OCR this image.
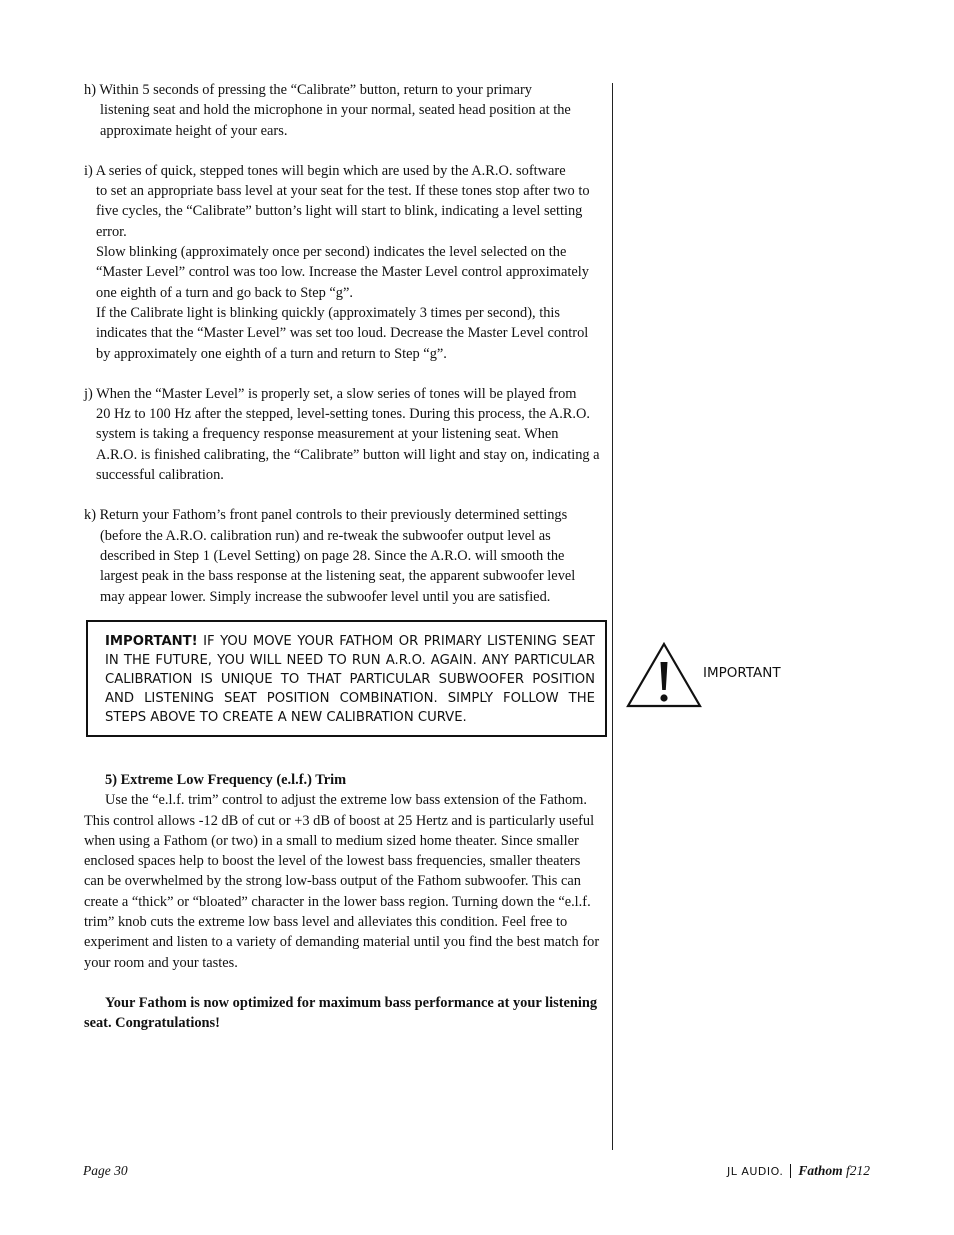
h) Within 5 seconds of pressing the “Calibrate” button, return to your primary

listening seat and hold the microphone in your normal, seated head position at the approximate height of your ears.

i) A series of quick, stepped tones will begin which are used by the A.R.O. software

to set an appropriate bass level at your seat for the test. If these tones stop after two to five cycles, the “Calibrate” button’s light will start to blink, indicating a level setting error.

Slow blinking (approximately once per second) indicates the level selected on the “Master Level” control was too low. Increase the Master Level control approximately one eighth of a turn and go back to Step “g”.

If the Calibrate light is blinking quickly (approximately 3 times per second), this indicates that the “Master Level” was set too loud. Decrease the Master Level control by approximately one eighth of a turn and return to Step “g”.

j) When the “Master Level” is properly set, a slow series of tones will be played from

20 Hz to 100 Hz after the stepped, level-setting tones. During this process, the A.R.O. system is taking a frequency response measurement at your listening seat. When A.R.O. is finished calibrating, the “Calibrate” button will light and stay on, indicating a successful calibration.

k) Return your Fathom’s front panel controls to their previously determined settings

(before the A.R.O. calibration run) and re-tweak the subwoofer output level as described in Step 1 (Level Setting) on page 28. Since the A.R.O. will smooth the largest peak in the bass response at the listening seat, the apparent subwoofer level may appear lower. Simply increase the subwoofer level until you are satisfied.

IMPORTANT! IF YOU MOVE YOUR FATHOM OR PRIMARY LISTENING SEAT IN THE FUTURE, YOU WILL NEED TO RUN A.R.O. AGAIN. ANY PARTICULAR CALIBRATION IS UNIQUE TO THAT PARTICULAR SUBWOOFER POSITION AND LISTENING SEAT POSITION COMBINATION. SIMPLY FOLLOW THE STEPS ABOVE TO CREATE A NEW CALIBRATION CURVE.
IMPORTANT

5) Extreme Low Frequency (e.l.f.) Trim

Use the “e.l.f. trim” control to adjust the extreme low bass extension of the Fathom. This control allows -12 dB of cut or +3 dB of boost at 25 Hertz and is particularly useful when using a Fathom (or two) in a small to medium sized home theater. Since smaller enclosed spaces help to boost the level of the lowest bass frequencies, smaller theaters can be overwhelmed by the strong low-bass output of the Fathom subwoofer. This can create a “thick” or “bloated” character in the lower bass region. Turning down the “e.l.f. trim” knob cuts the extreme low bass level and alleviates this condition. Feel free to experiment and listen to a variety of demanding material until you find the best match for your room and your tastes.

Your Fathom is now optimized for maximum bass performance at your listening seat. Congratulations!

Page 30	JL AUDIO. Fathom f212
